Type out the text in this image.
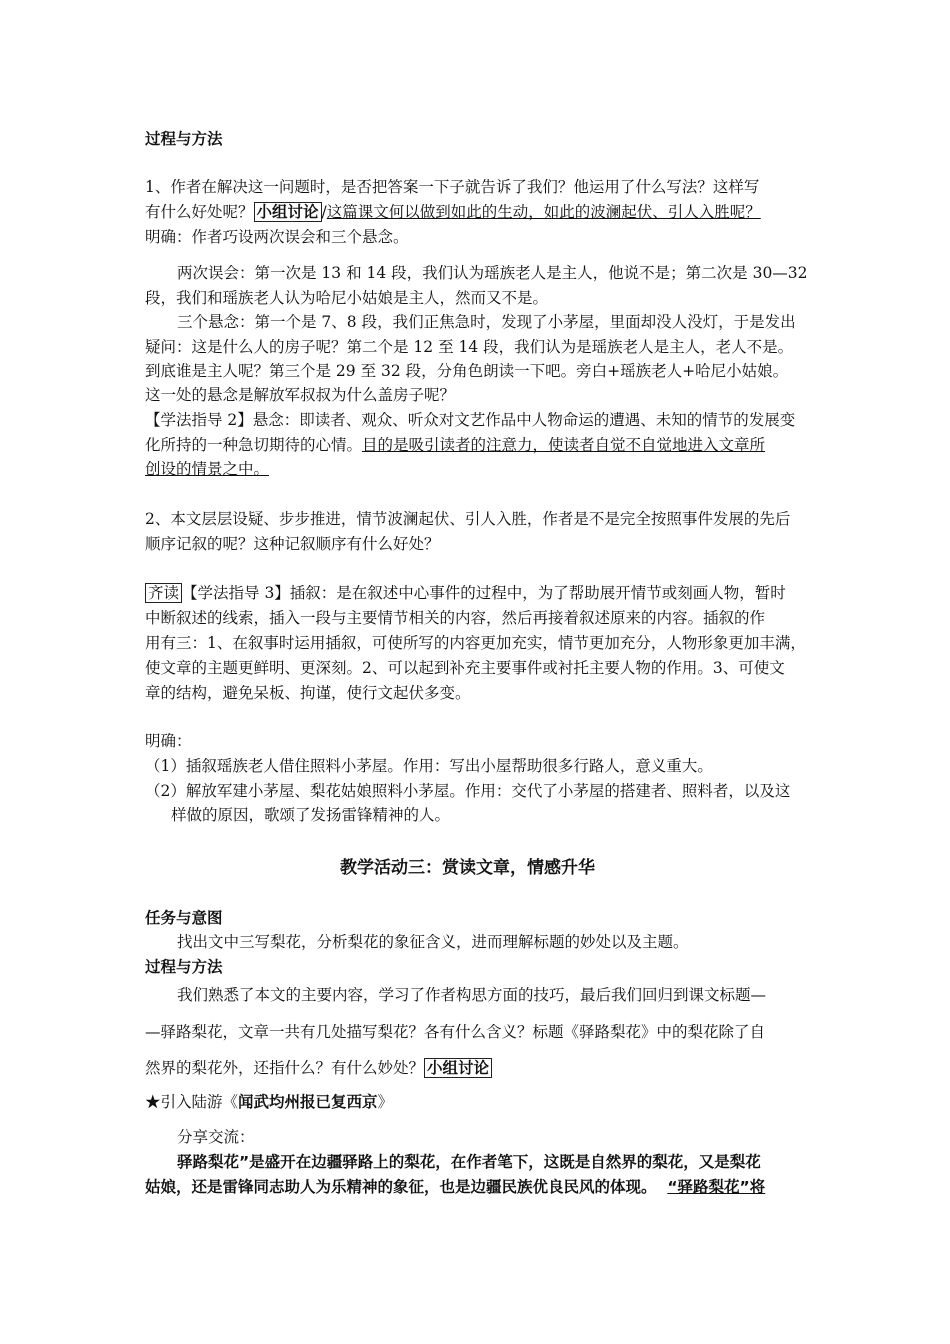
过程与方法
1、作者在解决这一问题时，是否把答案一下子就告诉了我们？他运用了什么写法？这样写
有什么好处呢？ 小组讨论 /这篇课文何以做到如此的生动，如此的波澜起伏、引人入胜呢？
明确：作者巧设两次误会和三个悬念。
两次误会：第一次是 13 和 14 段，我们认为瑶族老人是主人，他说不是；第二次是 30—32
段，我们和瑶族老人认为哈尼小姑娘是主人，然而又不是。
三个悬念：第一个是 7、8 段，我们正焦急时，发现了小茅屋，里面却没人没灯，于是发出
疑问：这是什么人的房子呢？第二个是 12 至 14 段，我们认为是瑶族老人是主人，老人不是。
到底谁是主人呢？第三个是 29 至 32 段，分角色朗读一下吧。旁白+瑶族老人+哈尼小姑娘。
这一处的悬念是解放军叔叔为什么盖房子呢？
【学法指导 2】悬念：即读者、观众、听众对文艺作品中人物命运的遭遇、未知的情节的发展变
化所持的一种急切期待的心情。目的是吸引读者的注意力，使读者自觉不自觉地进入文章所
创设的情景之中。
2、本文层层设疑、步步推进，情节波澜起伏、引人入胜，作者是不是完全按照事件发展的先后
顺序记叙的呢？这种记叙顺序有什么好处？
齐读 【学法指导 3】插叙：是在叙述中心事件的过程中，为了帮助展开情节或刻画人物，暂时
中断叙述的线索，插入一段与主要情节相关的内容，然后再接着叙述原来的内容。插叙的作
用有三：1、在叙事时运用插叙，可使所写的内容更加充实，情节更加充分，人物形象更加丰满，
使文章的主题更鲜明、更深刻。2、可以起到补充主要事件或衬托主要人物的作用。3、可使文
章的结构，避免呆板、拘谨，使行文起伏多变。
明确：
（1）插叙瑶族老人借住照料小茅屋。作用：写出小屋帮助很多行路人，意义重大。
（2）解放军建小茅屋、梨花姑娘照料小茅屋。作用：交代了小茅屋的搭建者、照料者，以及这
样做的原因，歌颂了发扬雷锋精神的人。
教学活动三：赏读文章，情感升华
任务与意图
找出文中三写梨花，分析梨花的象征含义，进而理解标题的妙处以及主题。
过程与方法
我们熟悉了本文的主要内容，学习了作者构思方面的技巧，最后我们回归到课文标题—
—驿路梨花，文章一共有几处描写梨花？各有什么含义？标题《驿路梨花》中的梨花除了自
然界的梨花外，还指什么？有什么妙处？ 小组讨论
★引入陆游《闻武均州报已复西京》
分享交流：
驿路梨花”是盛开在边疆驿路上的梨花，在作者笔下，这既是自然界的梨花，又是梨花
姑娘，还是雷锋同志助人为乐精神的象征，也是边疆民族优良民风的体现。 “驿路梨花”将
